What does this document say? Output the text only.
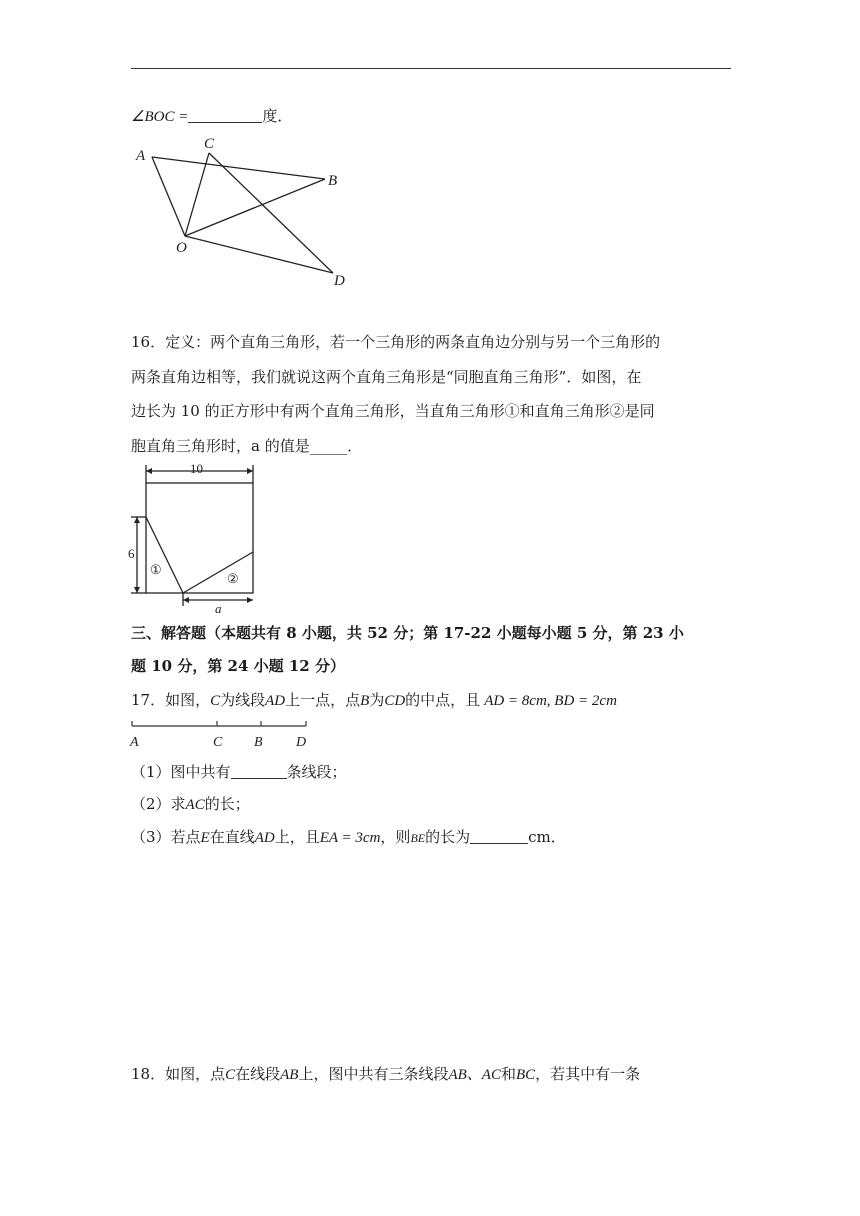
∠BOC =	度．
A
C
B
O
D
16．定义：两个直角三角形，若一个三角形的两条直角边分别与另一个三角形的
两条直角边相等，我们就说这两个直角三角形是“同胞直角三角形”．如图，在
边长为 10 的正方形中有两个直角三角形，当直角三角形①和直角三角形②是同
胞直角三角形时，a 的值是_____．
10
6
①
②
a
三、解答题（本题共有 8 小题，共 52 分；第 17-22 小题每小题 5 分，第 23 小
题 10 分，第 24 小题 12 分）
17．如图，C为线段AD上一点，点B为CD的中点，且 AD = 8cm, BD = 2cm
A	C B D
（1）图中共有	条线段；
（2）求AC的长；
（3）若点E在直线AD上，且EA = 3cm，则BE的长为	cm．
18．如图，点C在线段AB上，图中共有三条线段AB、AC和BC，若其中有一条
